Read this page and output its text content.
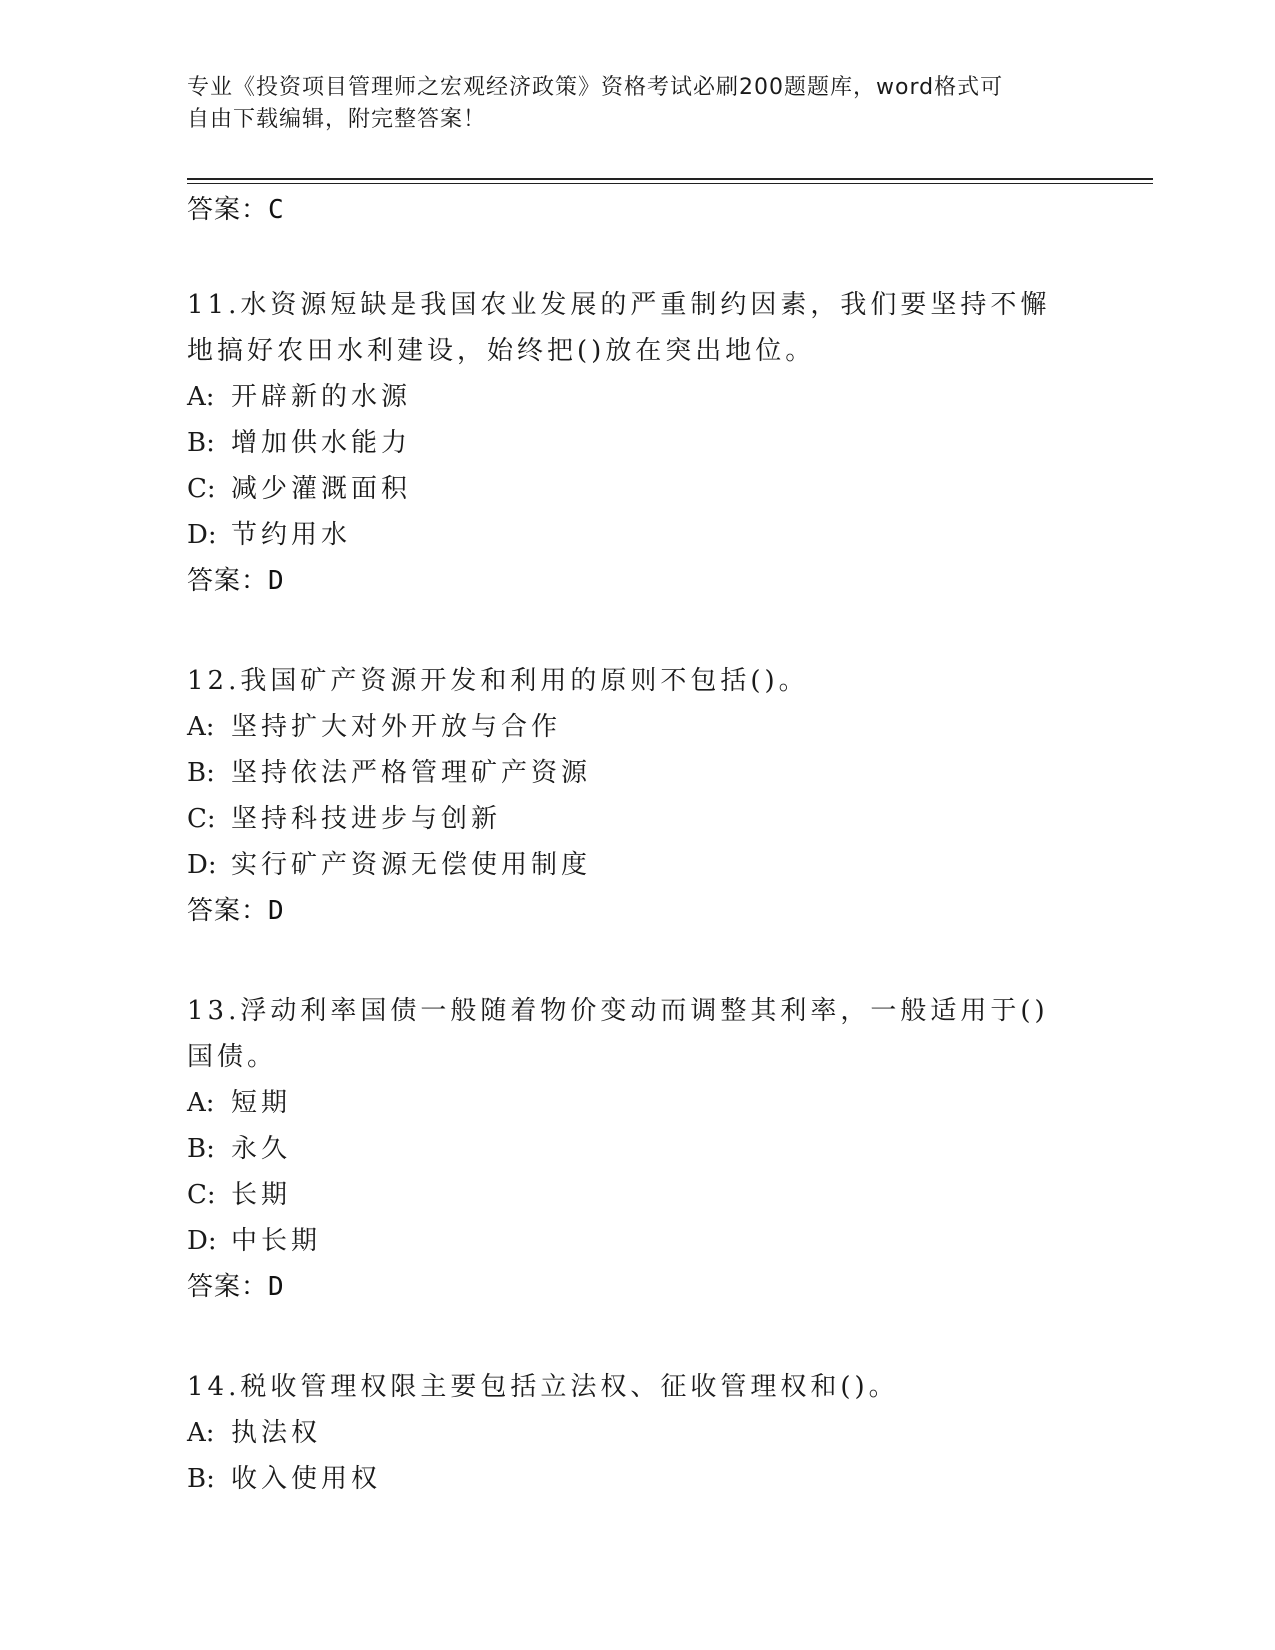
专业《投资项目管理师之宏观经济政策》资格考试必刷200题题库，word格式可
自由下载编辑，附完整答案！
答案：C
11.水资源短缺是我国农业发展的严重制约因素，我们要坚持不懈地搞好农田水利建设，始终把()放在突出地位。
A: 开辟新的水源
B: 增加供水能力
C: 减少灌溉面积
D: 节约用水
答案：D
12.我国矿产资源开发和利用的原则不包括()。
A: 坚持扩大对外开放与合作
B: 坚持依法严格管理矿产资源
C: 坚持科技进步与创新
D: 实行矿产资源无偿使用制度
答案：D
13.浮动利率国债一般随着物价变动而调整其利率，一般适用于()国债。
A: 短期
B: 永久
C: 长期
D: 中长期
答案：D
14.税收管理权限主要包括立法权、征收管理权和()。
A: 执法权
B: 收入使用权
